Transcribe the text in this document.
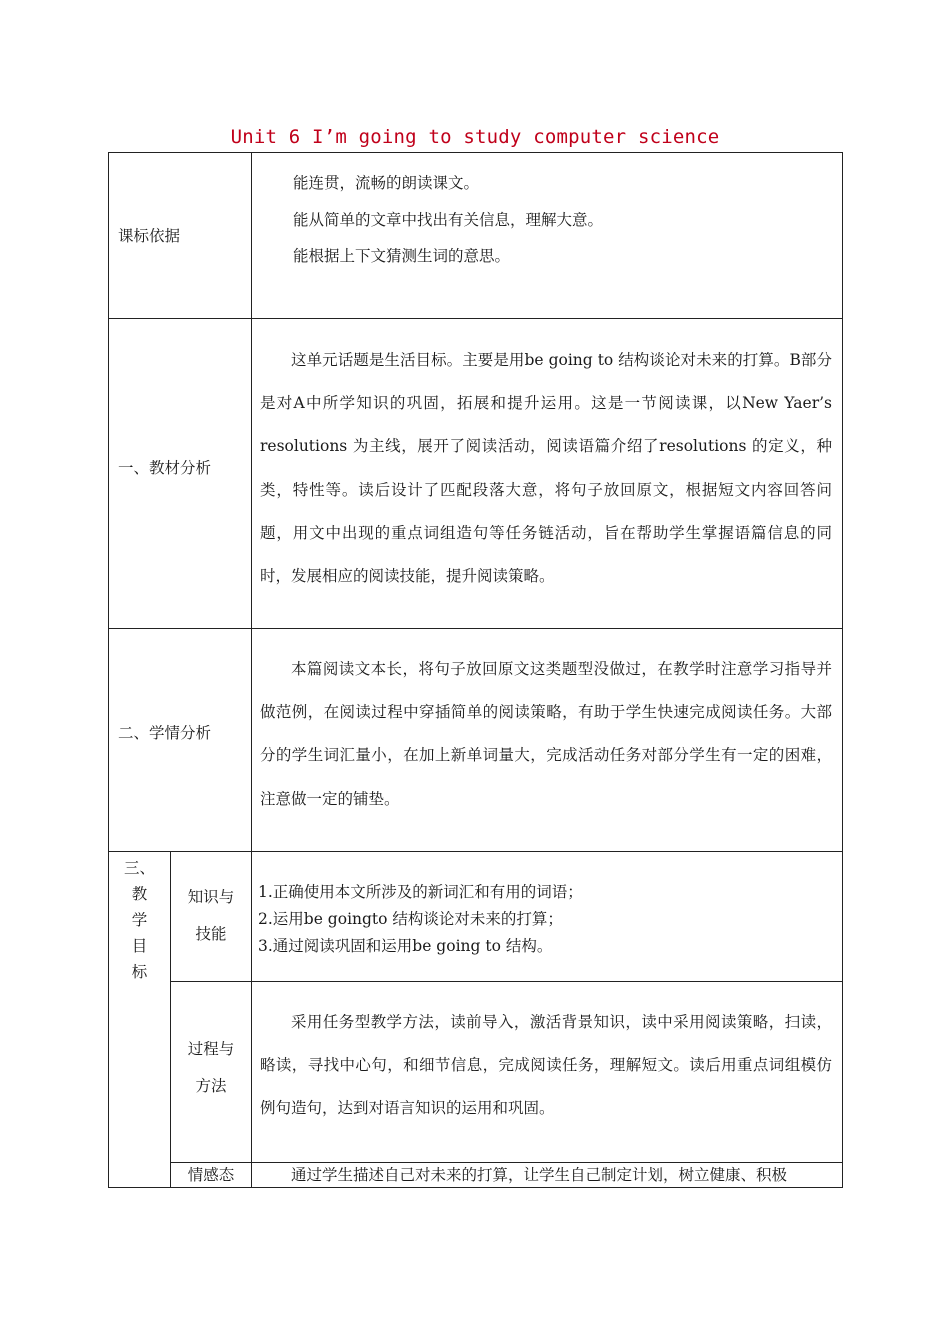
Unit 6 I’m going to study computer science
课标依据
能连贯，流畅的朗读课文。
能从简单的文章中找出有关信息，理解大意。
能根据上下文猜测生词的意思。
一、教材分析
这单元话题是生活目标。主要是用be going to 结构谈论对未来的打算。B部分是对A中所学知识的巩固，拓展和提升运用。这是一节阅读课，以New Yaer’s resolutions 为主线，展开了阅读活动，阅读语篇介绍了resolutions 的定义，种类，特性等。读后设计了匹配段落大意，将句子放回原文，根据短文内容回答问题，用文中出现的重点词组造句等任务链活动，旨在帮助学生掌握语篇信息的同时，发展相应的阅读技能，提升阅读策略。
二、学情分析
本篇阅读文本长，将句子放回原文这类题型没做过，在教学时注意学习指导并做范例，在阅读过程中穿插简单的阅读策略，有助于学生快速完成阅读任务。大部分的学生词汇量小，在加上新单词量大，完成活动任务对部分学生有一定的困难，注意做一定的铺垫。
三、
教
学
目
标
知识与
技能
1.正确使用本文所涉及的新词汇和有用的词语；
2.运用be goingto 结构谈论对未来的打算；
3.通过阅读巩固和运用be going to 结构。
过程与
方法
采用任务型教学方法，读前导入，激活背景知识，读中采用阅读策略，扫读，略读，寻找中心句，和细节信息，完成阅读任务，理解短文。读后用重点词组模仿例句造句，达到对语言知识的运用和巩固。
情感态	通过学生描述自己对未来的打算，让学生自己制定计划，树立健康、积极
